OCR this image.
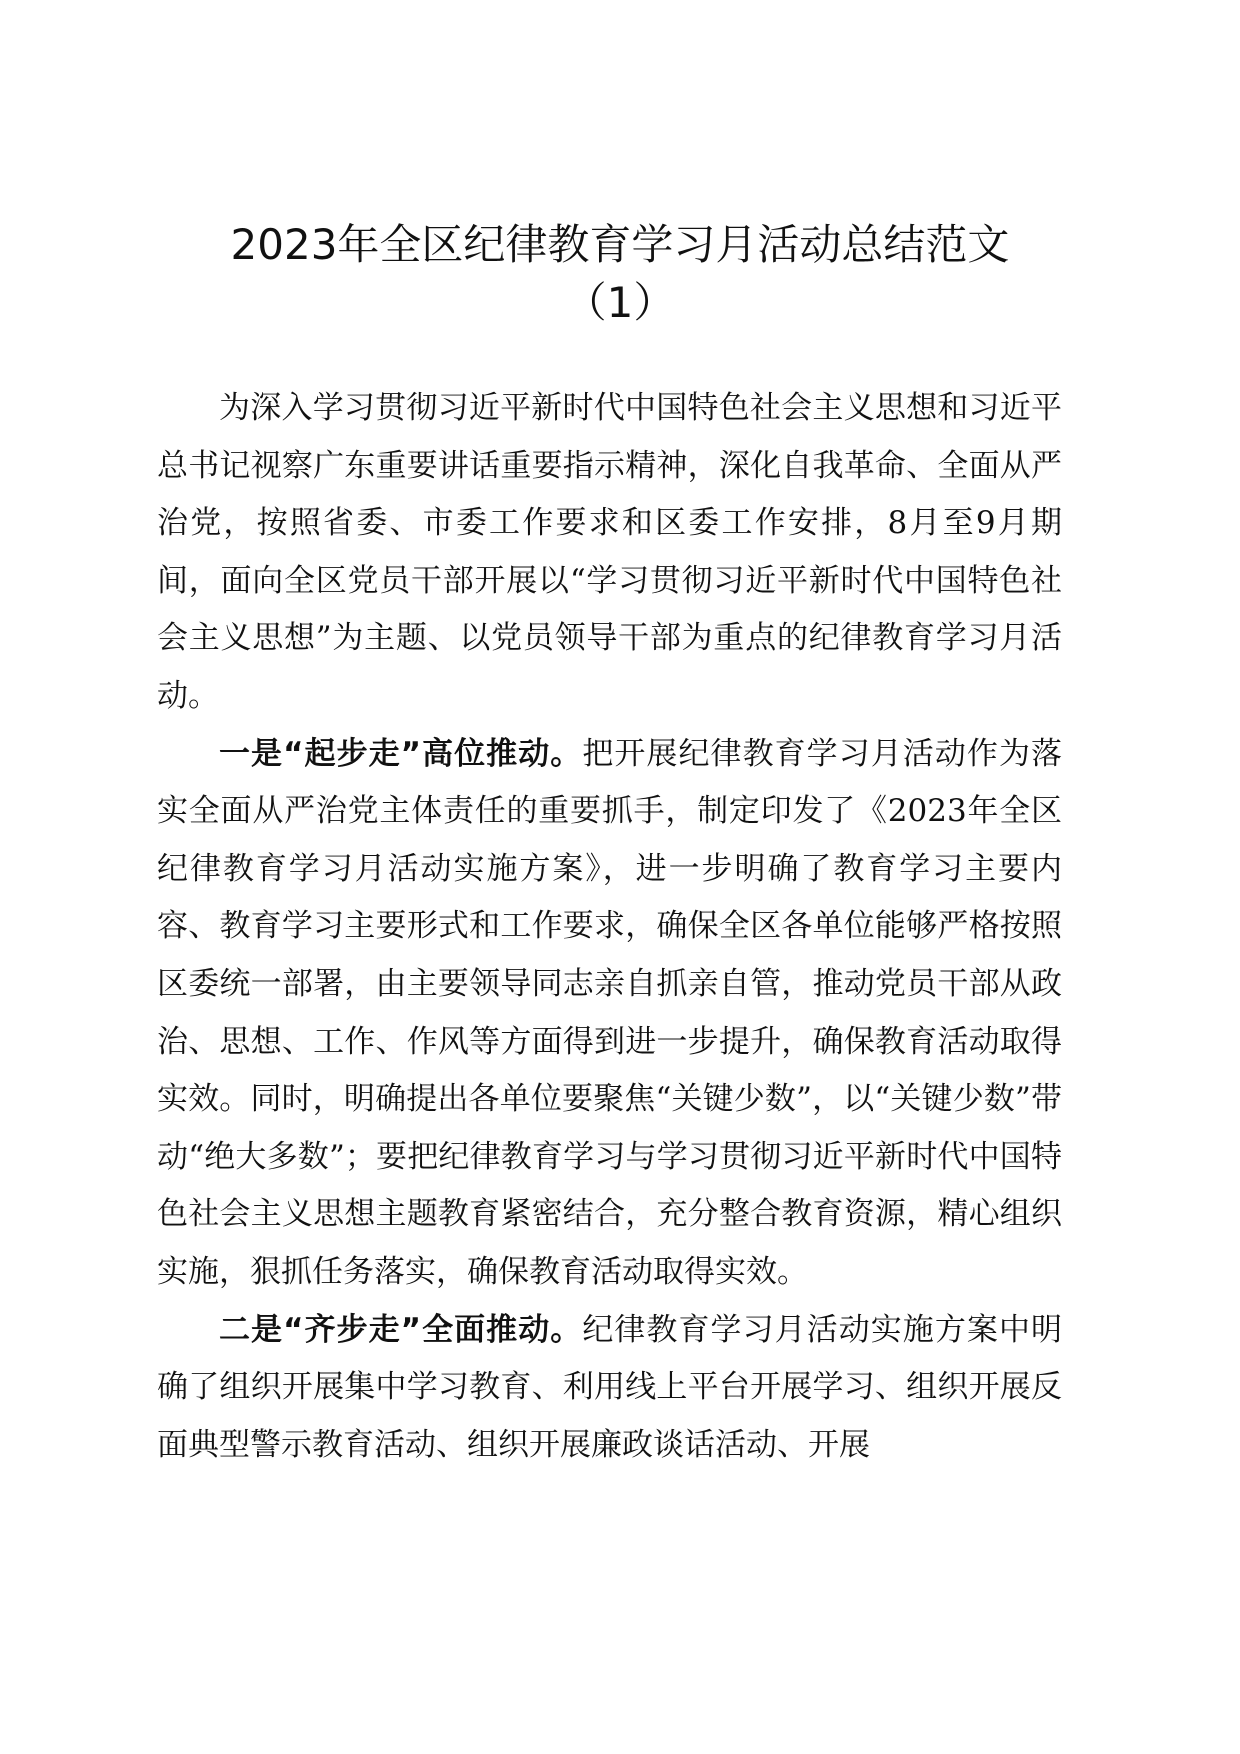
2023年全区纪律教育学习月活动总结范文
（1）

为深入学习贯彻习近平新时代中国特色社会主义思想和习近平总书记视察广东重要讲话重要指示精神，深化自我革命、全面从严治党，按照省委、市委工作要求和区委工作安排，8月至9月期间，面向全区党员干部开展以“学习贯彻习近平新时代中国特色社会主义思想”为主题、以党员领导干部为重点的纪律教育学习月活动。

一是“起步走”高位推动。把开展纪律教育学习月活动作为落实全面从严治党主体责任的重要抓手，制定印发了《2023年全区纪律教育学习月活动实施方案》，进一步明确了教育学习主要内容、教育学习主要形式和工作要求，确保全区各单位能够严格按照区委统一部署，由主要领导同志亲自抓亲自管，推动党员干部从政治、思想、工作、作风等方面得到进一步提升，确保教育活动取得实效。同时，明确提出各单位要聚焦“关键少数”，以“关键少数”带动“绝大多数”；要把纪律教育学习与学习贯彻习近平新时代中国特色社会主义思想主题教育紧密结合，充分整合教育资源，精心组织实施，狠抓任务落实，确保教育活动取得实效。

二是“齐步走”全面推动。纪律教育学习月活动实施方案中明确了组织开展集中学习教育、利用线上平台开展学习、组织开展反面典型警示教育活动、组织开展廉政谈话活动、开展
